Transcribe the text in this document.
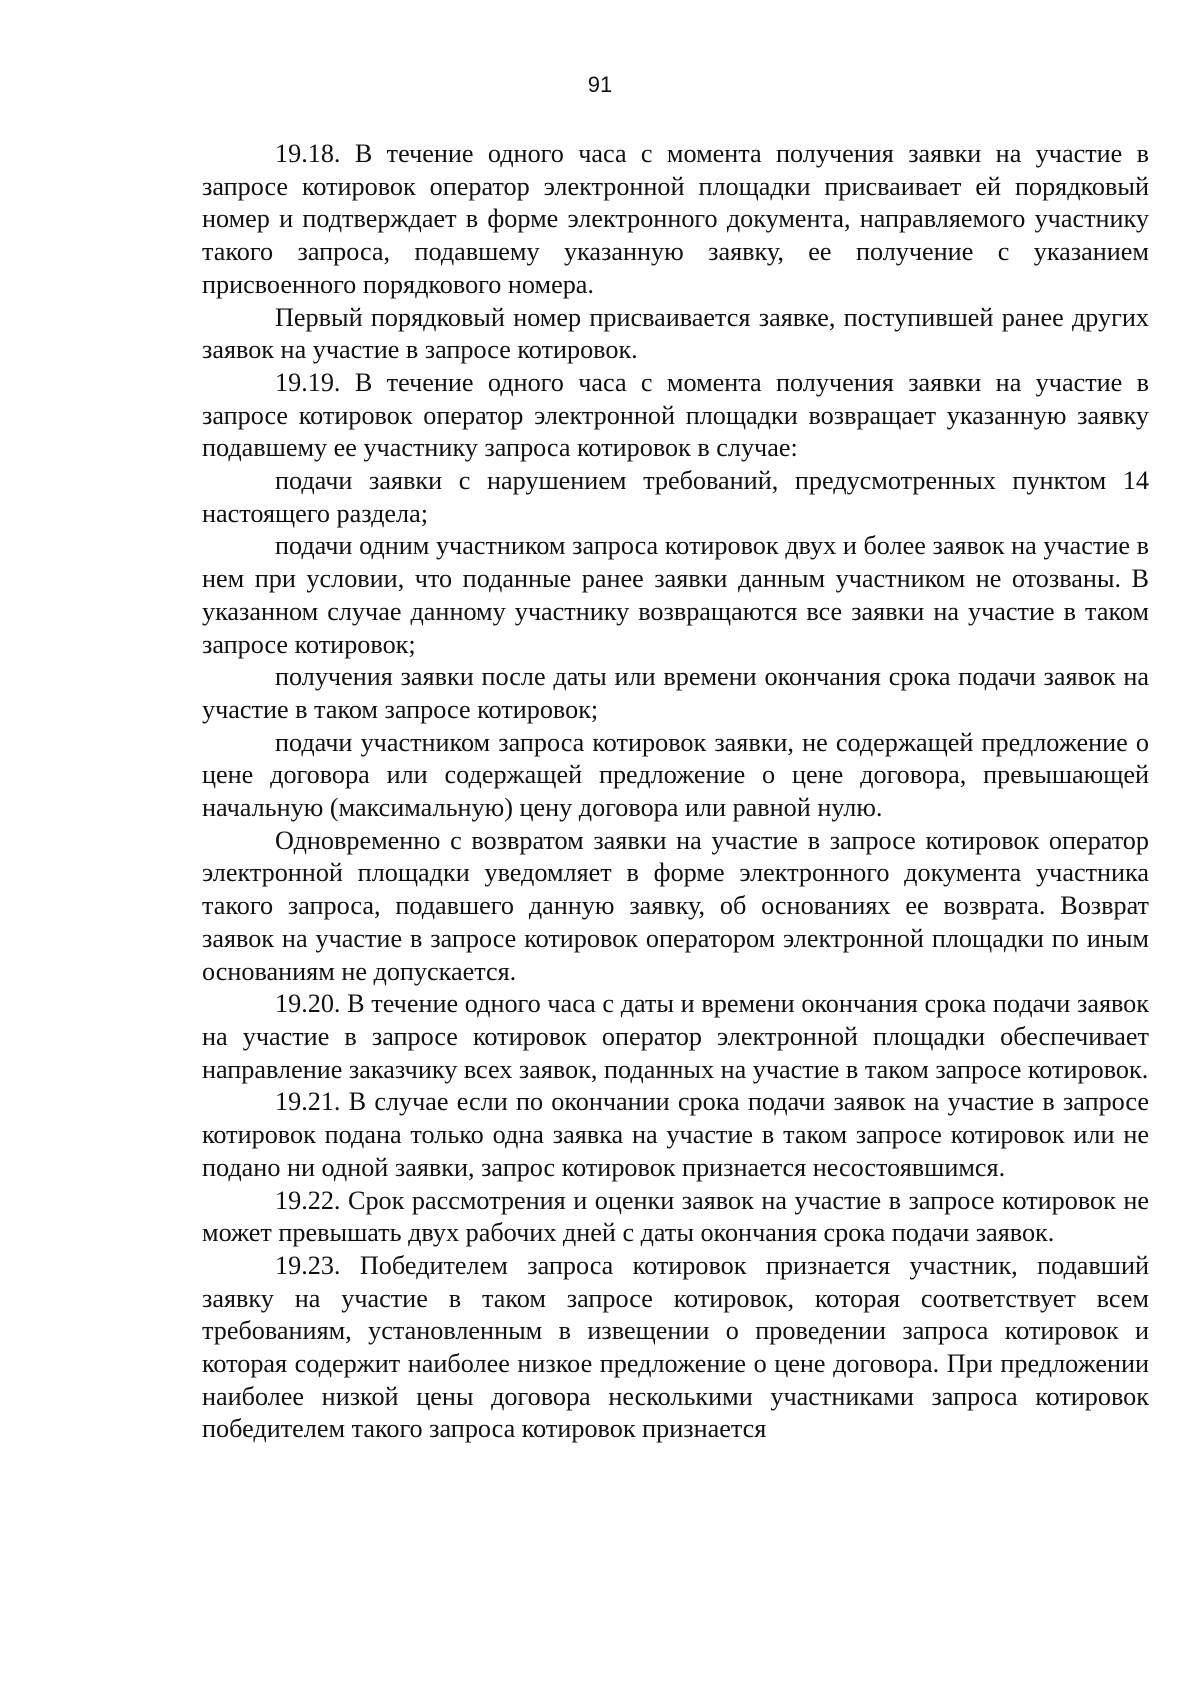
91

19.18. В течение одного часа с момента получения заявки на участие в запросе котировок оператор электронной площадки присваивает ей порядковый номер и подтверждает в форме электронного документа, направляемого участнику такого запроса, подавшему указанную заявку, ее получение с указанием присвоенного порядкового номера.

Первый порядковый номер присваивается заявке, поступившей ранее других заявок на участие в запросе котировок.

19.19. В течение одного часа с момента получения заявки на участие в запросе котировок оператор электронной площадки возвращает указанную заявку подавшему ее участнику запроса котировок в случае:

подачи заявки с нарушением требований, предусмотренных пунктом 14 настоящего раздела;

подачи одним участником запроса котировок двух и более заявок на участие в нем при условии, что поданные ранее заявки данным участником не отозваны. В указанном случае данному участнику возвращаются все заявки на участие в таком запросе котировок;

получения заявки после даты или времени окончания срока подачи заявок на участие в таком запросе котировок;

подачи участником запроса котировок заявки, не содержащей предложение о цене договора или содержащей предложение о цене договора, превышающей начальную (максимальную) цену договора или равной нулю.

Одновременно с возвратом заявки на участие в запросе котировок оператор электронной площадки уведомляет в форме электронного документа участника такого запроса, подавшего данную заявку, об основаниях ее возврата. Возврат заявок на участие в запросе котировок оператором электронной площадки по иным основаниям не допускается.

19.20. В течение одного часа с даты и времени окончания срока подачи заявок на участие в запросе котировок оператор электронной площадки обеспечивает направление заказчику всех заявок, поданных на участие в таком запросе котировок.

19.21. В случае если по окончании срока подачи заявок на участие в запросе котировок подана только одна заявка на участие в таком запросе котировок или не подано ни одной заявки, запрос котировок признается несостоявшимся.

19.22. Срок рассмотрения и оценки заявок на участие в запросе котировок не может превышать двух рабочих дней с даты окончания срока подачи заявок.

19.23. Победителем запроса котировок признается участник, подавший заявку на участие в таком запросе котировок, которая соответствует всем требованиям, установленным в извещении о проведении запроса котировок и которая содержит наиболее низкое предложение о цене договора. При предложении наиболее низкой цены договора несколькими участниками запроса котировок победителем такого запроса котировок признается
